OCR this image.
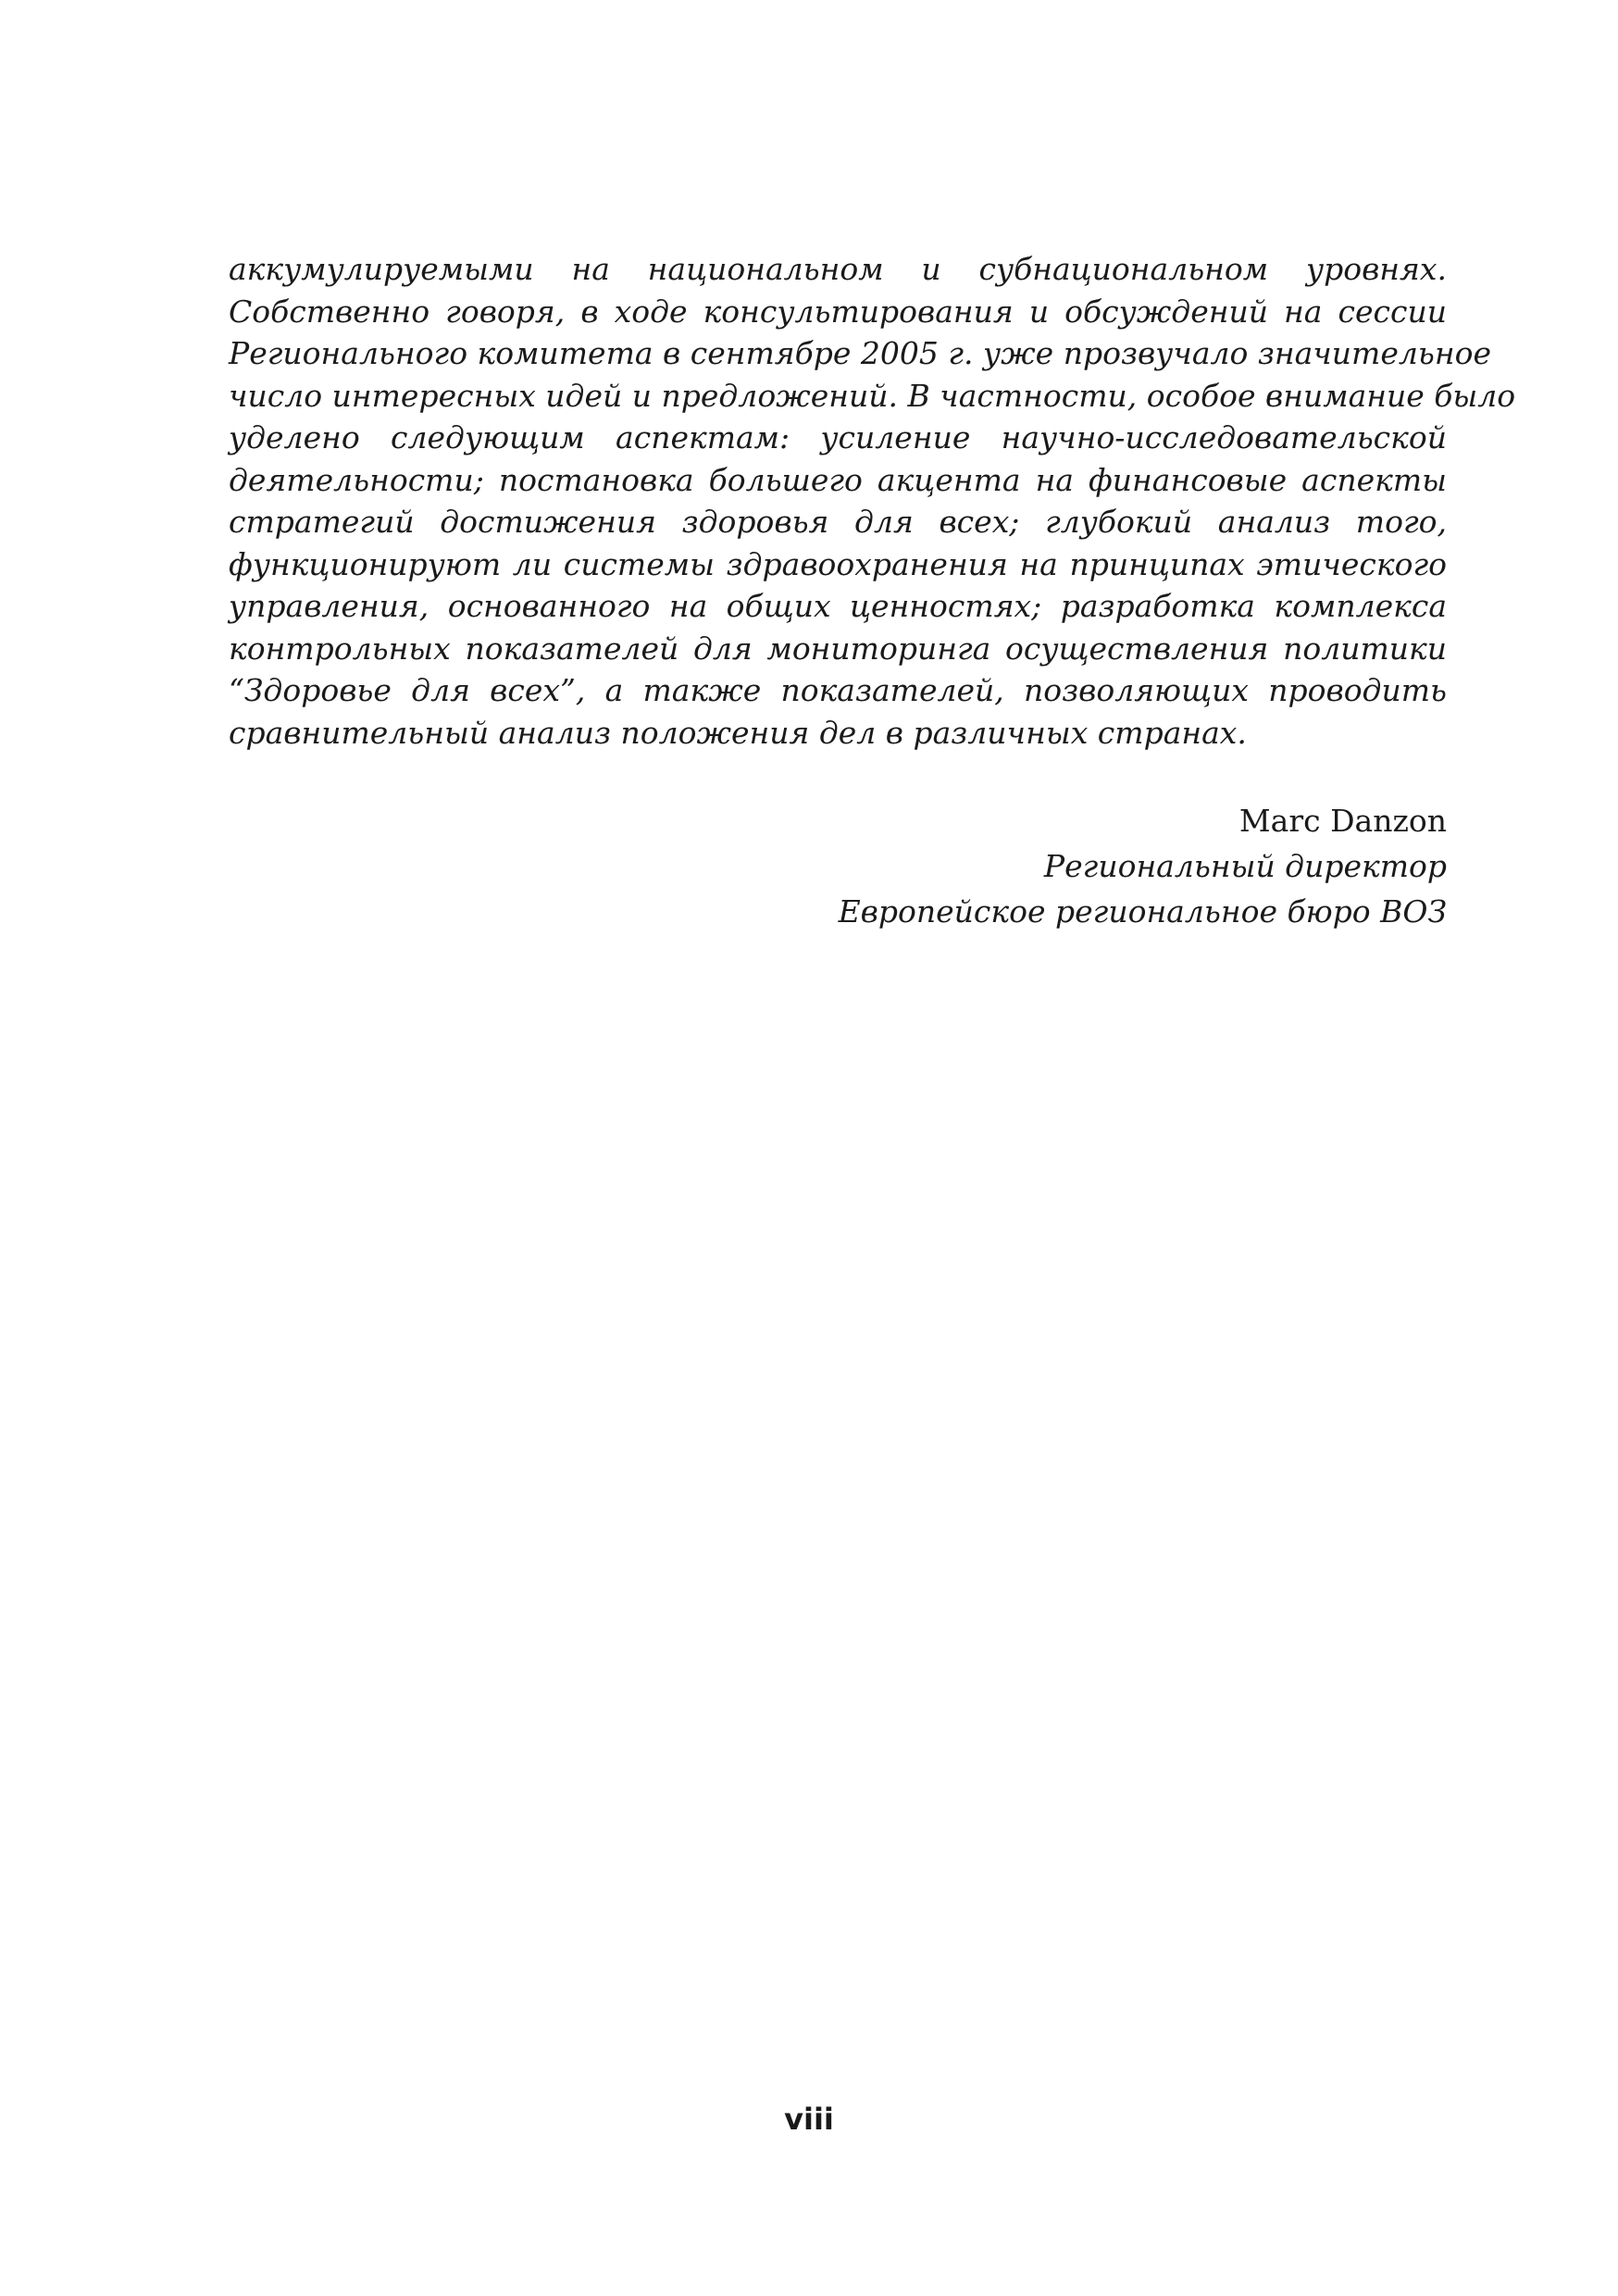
аккумулируемыми на национальном и субнациональном уровнях.
Собственно говоря, в ходе консультирования и обсуждений на сессии
Регионального комитета в сентябре 2005 г. уже прозвучало значительное
число интересных идей и предложений. В частности, особое внимание было
уделено следующим аспектам: усиление научно-исследовательской
деятельности; постановка большего акцента на финансовые аспекты
стратегий достижения здоровья для всех; глубокий анализ того,
функционируют ли системы здравоохранения на принципах этического
управления, основанного на общих ценностях; разработка комплекса
контрольных показателей для мониторинга осуществления политики
“Здоровье для всех”, а также показателей, позволяющих проводить
сравнительный анализ положения дел в различных странах.

Marc Danzon
Региональный директор
Европейское региональное бюро ВОЗ
viii
